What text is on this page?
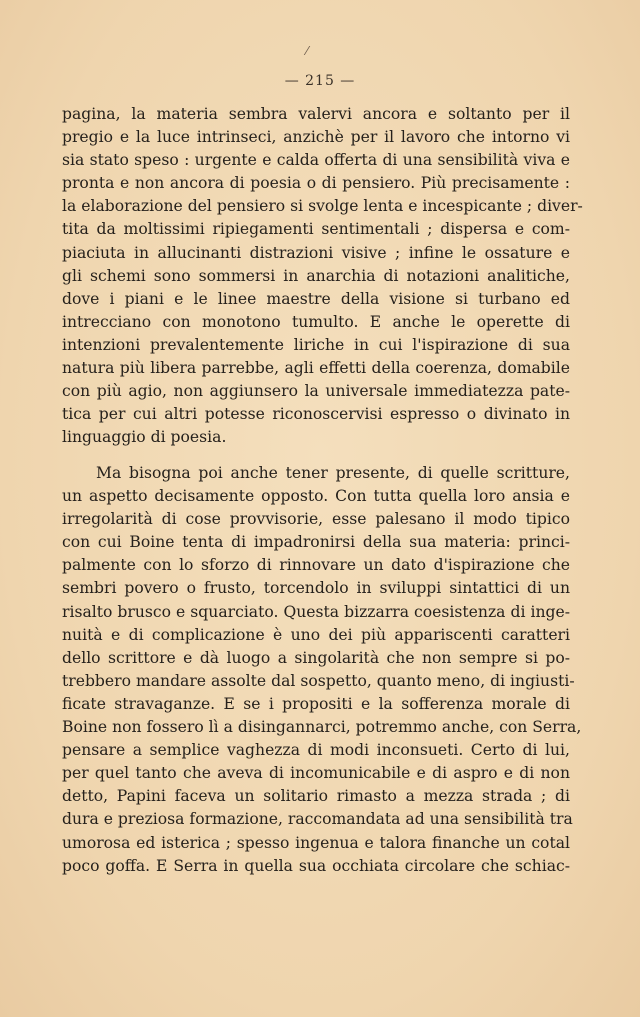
⁄
— 215 —
pagina, la materia sembra valervi ancora e soltanto per il
pregio e la luce intrinseci, anzichè per il lavoro che intorno vi
sia stato speso : urgente e calda offerta di una sensibilità viva e
pronta e non ancora di poesia o di pensiero. Più precisamente :
la elaborazione del pensiero si svolge lenta e incespicante ; diver-
tita da moltissimi ripiegamenti sentimentali ; dispersa e com-
piaciuta in allucinanti distrazioni visive ; infine le ossature e
gli schemi sono sommersi in anarchia di notazioni analitiche,
dove i piani e le linee maestre della visione si turbano ed
intrecciano con monotono tumulto. E anche le operette di
intenzioni prevalentemente liriche in cui l'ispirazione di sua
natura più libera parrebbe, agli effetti della coerenza, domabile
con più agio, non aggiunsero la universale immediatezza pate-
tica per cui altri potesse riconoscervisi espresso o divinato in
linguaggio di poesia.
Ma bisogna poi anche tener presente, di quelle scritture,
un aspetto decisamente opposto. Con tutta quella loro ansia e
irregolarità di cose provvisorie, esse palesano il modo tipico
con cui Boine tenta di impadronirsi della sua materia: princi-
palmente con lo sforzo di rinnovare un dato d'ispirazione che
sembri povero o frusto, torcendolo in sviluppi sintattici di un
risalto brusco e squarciato. Questa bizzarra coesistenza di inge-
nuità e di complicazione è uno dei più appariscenti caratteri
dello scrittore e dà luogo a singolarità che non sempre si po-
trebbero mandare assolte dal sospetto, quanto meno, di ingiusti-
ficate stravaganze. E se i propositi e la sofferenza morale di
Boine non fossero lì a disingannarci, potremmo anche, con Serra,
pensare a semplice vaghezza di modi inconsueti. Certo di lui,
per quel tanto che aveva di incomunicabile e di aspro e di non
detto, Papini faceva un solitario rimasto a mezza strada ; di
dura e preziosa formazione, raccomandata ad una sensibilità tra
umorosa ed isterica ; spesso ingenua e talora finanche un cotal
poco goffa. E Serra in quella sua occhiata circolare che schiac-
